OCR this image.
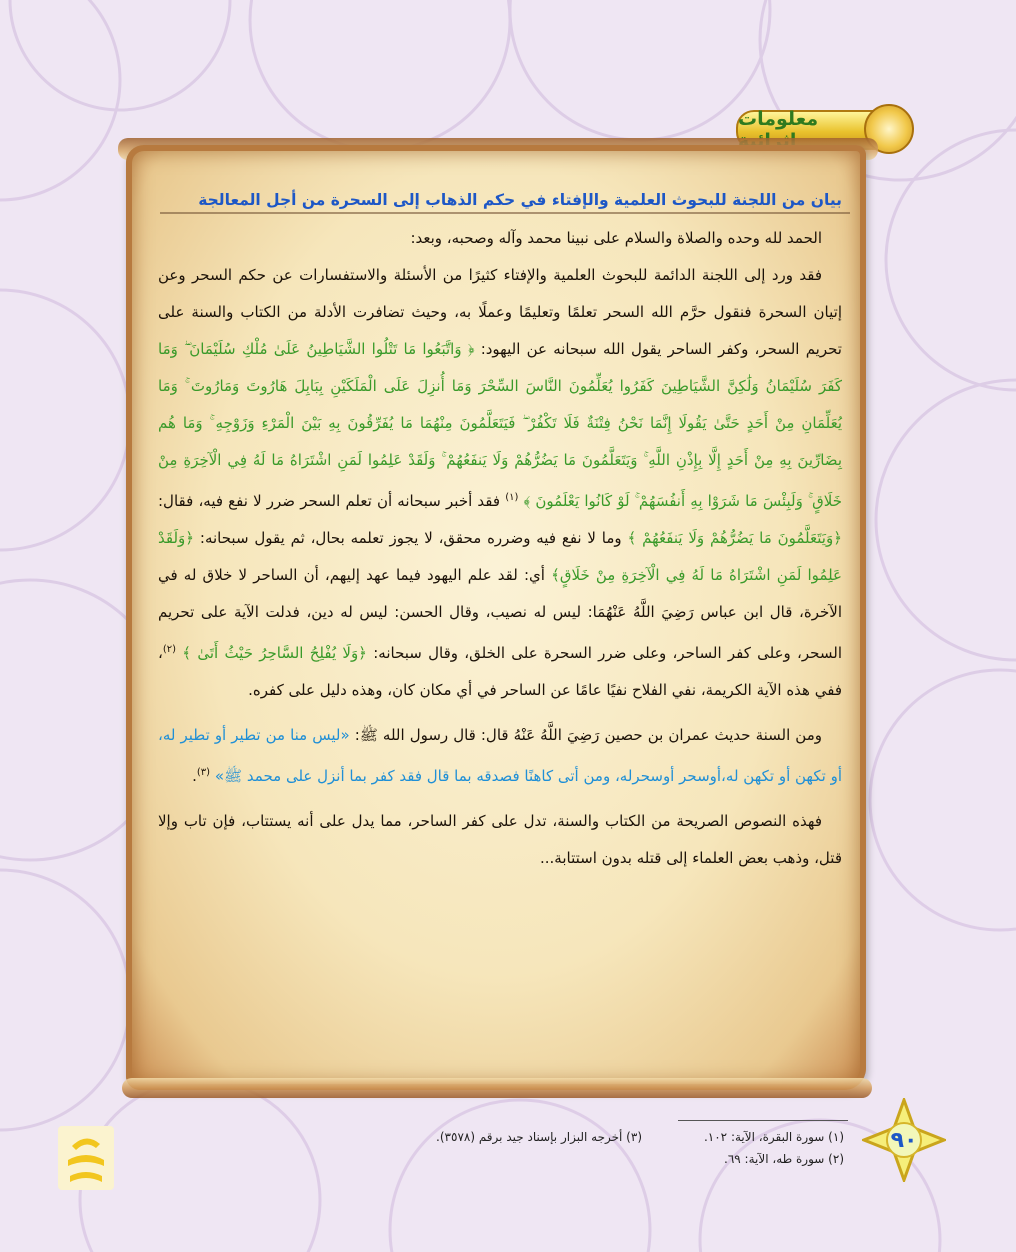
معلومات

بيان من اللجنة للبحوث العلمية والإفتاء في حكم الذهاب إلى السحرة من أجل المعالجة

الحمد لله وحده والصلاة والسلام على نبينا محمد وآله وصحبه، وبعد:

فقد ورد إلى اللجنة الدائمة للبحوث العلمية والإفتاء كثيرًا من الأسئلة والاستفسارات عن حكم السحر وعن إتيان السحرة فنقول حرَّم الله السحر تعلمًا وتعليمًا وعملًا به، وحيث تضافرت الأدلة من الكتاب والسنة على تحريم السحر، وكفر الساحر يقول الله سبحانه عن اليهود: ﴿ وَاتَّبَعُوا مَا تَتْلُوا الشَّيَاطِينُ عَلَىٰ مُلْكِ سُلَيْمَانَ ۖ وَمَا كَفَرَ سُلَيْمَانُ وَلَٰكِنَّ الشَّيَاطِينَ كَفَرُوا يُعَلِّمُونَ النَّاسَ السِّحْرَ وَمَا أُنزِلَ عَلَى الْمَلَكَيْنِ بِبَابِلَ هَارُوتَ وَمَارُوتَ ۚ وَمَا يُعَلِّمَانِ مِنْ أَحَدٍ حَتَّىٰ يَقُولَا إِنَّمَا نَحْنُ فِتْنَةٌ فَلَا تَكْفُرْ ۖ فَيَتَعَلَّمُونَ مِنْهُمَا مَا يُفَرِّقُونَ بِهِ بَيْنَ الْمَرْءِ وَزَوْجِهِ ۚ وَمَا هُم بِضَارِّينَ بِهِ مِنْ أَحَدٍ إِلَّا بِإِذْنِ اللَّهِ ۚ وَيَتَعَلَّمُونَ مَا يَضُرُّهُمْ وَلَا يَنفَعُهُمْ ۚ وَلَقَدْ عَلِمُوا لَمَنِ اشْتَرَاهُ مَا لَهُ فِي الْآخِرَةِ مِنْ خَلَاقٍ ۚ وَلَبِئْسَ مَا شَرَوْا بِهِ أَنفُسَهُمْ ۚ لَوْ كَانُوا يَعْلَمُونَ ﴾ $^{(١)}$ فقد أخبر سبحانه أن تعلم السحر ضرر لا نفع فيه، فقال: ﴿وَيَتَعَلَّمُونَ مَا يَضُرُّهُمْ وَلَا يَنفَعُهُمْ ﴾ وما لا نفع فيه وضرره محقق، لا يجوز تعلمه بحال، ثم يقول سبحانه: ﴿وَلَقَدْ عَلِمُوا لَمَنِ اشْتَرَاهُ مَا لَهُ فِي الْآخِرَةِ مِنْ خَلَاقٍ﴾ أي: لقد علم اليهود فيما عهد إليهم، أن الساحر لا خلاق له في الآخرة، قال ابن عباس رَضِيَ اللَّهُ عَنْهُمَا: ليس له نصيب، وقال الحسن: ليس له دين، فدلت الآية على تحريم السحر، وعلى كفر الساحر، وعلى ضرر السحرة على الخلق، وقال سبحانه: ﴿وَلَا يُفْلِحُ السَّاحِرُ حَيْثُ أَتَىٰ ﴾ $^{(٢)}$، ففي هذه الآية الكريمة، نفي الفلاح نفيًا عامًا عن الساحر في أي مكان كان، وهذه دليل على كفره.

ومن السنة حديث عمران بن حصين رَضِيَ اللَّهُ عَنْهُ قال: قال رسول الله ﷺ: «ليس منا من تطير أو تطير له، أو تكهن أو تكهن له،أوسحر أوسحرله، ومن أتى كاهنًا فصدقه بما قال فقد كفر بما أنزل على محمد ﷺ» $^{(٣)}$.

فهذه النصوص الصريحة من الكتاب والسنة، تدل على كفر الساحر، مما يدل على أنه يستتاب، فإن تاب وإلا قتل، وذهب بعض العلماء إلى قتله بدون استتابة...

(١) سورة البقرة، الآية: ١٠٢.
(٢) سورة طه، الآية: ٦٩.
(٣) أخرجه البزار بإسناد جيد برقم (٣٥٧٨).	٩٠
